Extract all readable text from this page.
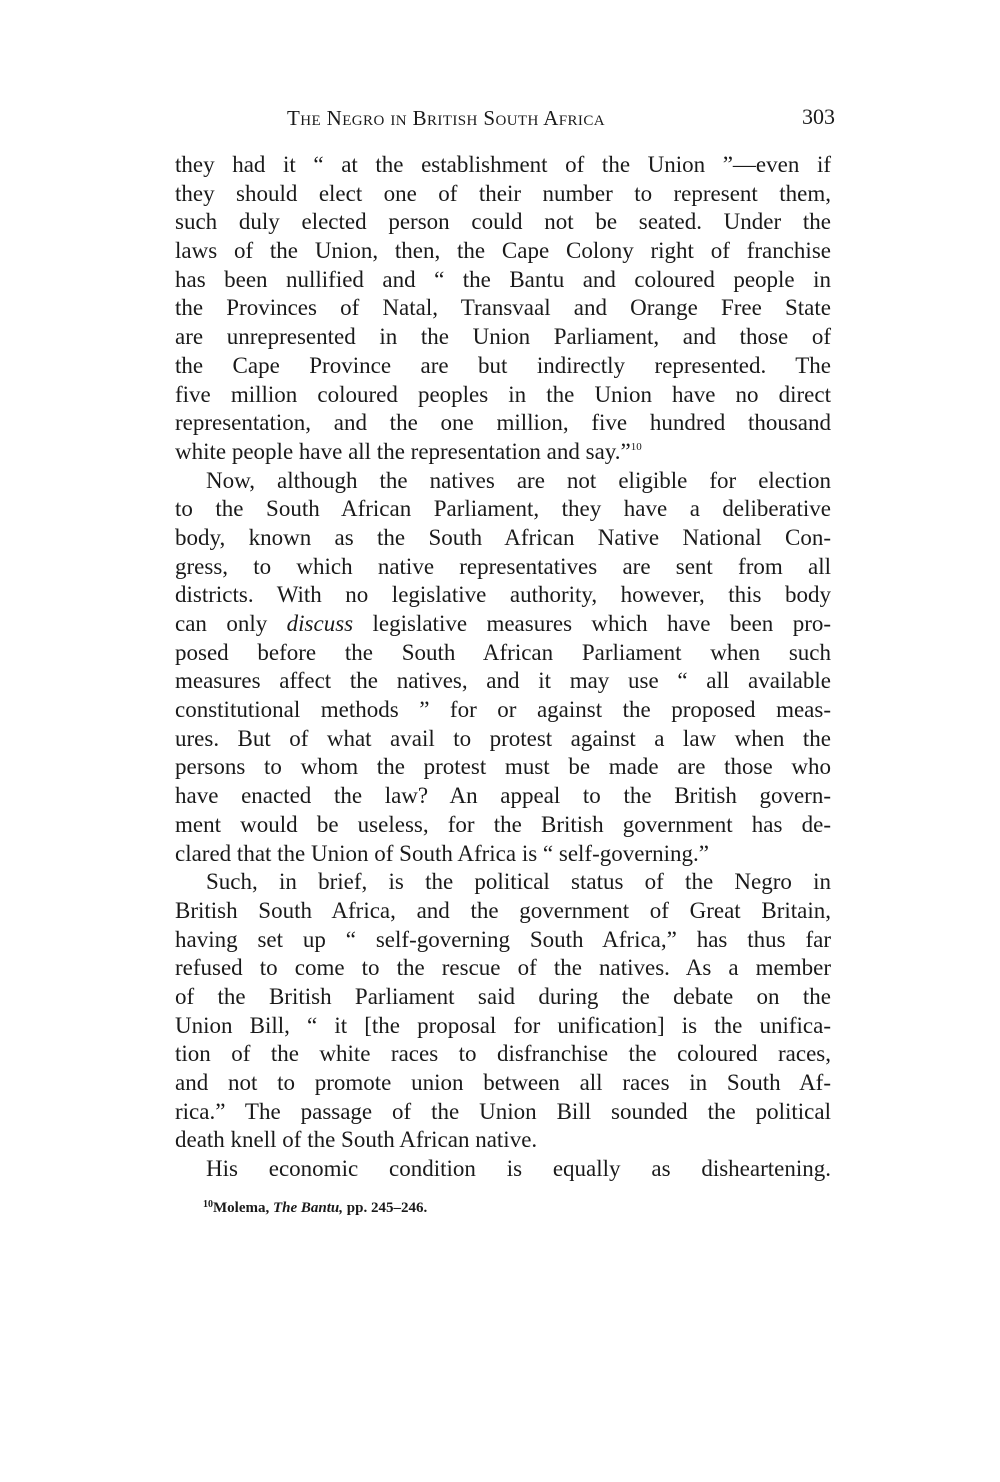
The Negro in British South Africa	303
they had it “ at the establishment of the Union ”—even if
they should elect one of their number to represent them,
such duly elected person could not be seated. Under the
laws of the Union, then, the Cape Colony right of franchise
has been nullified and “ the Bantu and coloured people in
the Provinces of Natal, Transvaal and Orange Free State
are unrepresented in the Union Parliament, and those of
the Cape Province are but indirectly represented. The
five million coloured peoples in the Union have no direct
representation, and the one million, five hundred thousand
white people have all the representation and say.”$^{10}$
Now, although the natives are not eligible for election
to the South African Parliament, they have a deliberative
body, known as the South African Native National Con-
gress, to which native representatives are sent from all
districts. With no legislative authority, however, this body
can only discuss legislative measures which have been pro-
posed before the South African Parliament when such
measures affect the natives, and it may use “ all available
constitutional methods ” for or against the proposed meas-
ures. But of what avail to protest against a law when the
persons to whom the protest must be made are those who
have enacted the law? An appeal to the British govern-
ment would be useless, for the British government has de-
clared that the Union of South Africa is “ self-governing.”
Such, in brief, is the political status of the Negro in
British South Africa, and the government of Great Britain,
having set up “ self-governing South Africa,” has thus far
refused to come to the rescue of the natives. As a member
of the British Parliament said during the debate on the
Union Bill, “ it [the proposal for unification] is the unifica-
tion of the white races to disfranchise the coloured races,
and not to promote union between all races in South Af-
rica.” The passage of the Union Bill sounded the political
death knell of the South African native.
His economic condition is equally as disheartening.
$^{10}$Molema, The Bantu, pp. 245–246.
